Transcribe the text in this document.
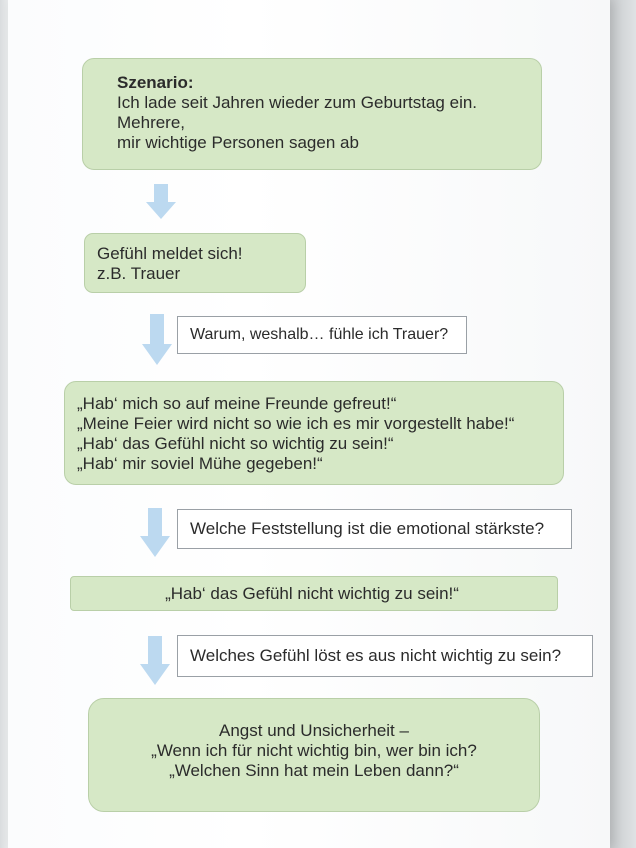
Szenario:
Ich lade seit Jahren wieder zum Geburtstag ein.
Mehrere,
mir wichtige Personen sagen ab
Gefühl meldet sich!
z.B. Trauer
Warum, weshalb… fühle ich Trauer?
„Hab‘ mich so auf meine Freunde gefreut!“
„Meine Feier wird nicht so wie ich es mir vorgestellt habe!“
„Hab‘ das Gefühl nicht so wichtig zu sein!“
„Hab‘ mir soviel Mühe gegeben!“
Welche Feststellung ist die emotional stärkste?
„Hab‘ das Gefühl nicht wichtig zu sein!“
Welches Gefühl löst es aus nicht wichtig zu sein?
Angst und Unsicherheit –
„Wenn ich für nicht wichtig bin, wer bin ich?
„Welchen Sinn hat mein Leben dann?“
